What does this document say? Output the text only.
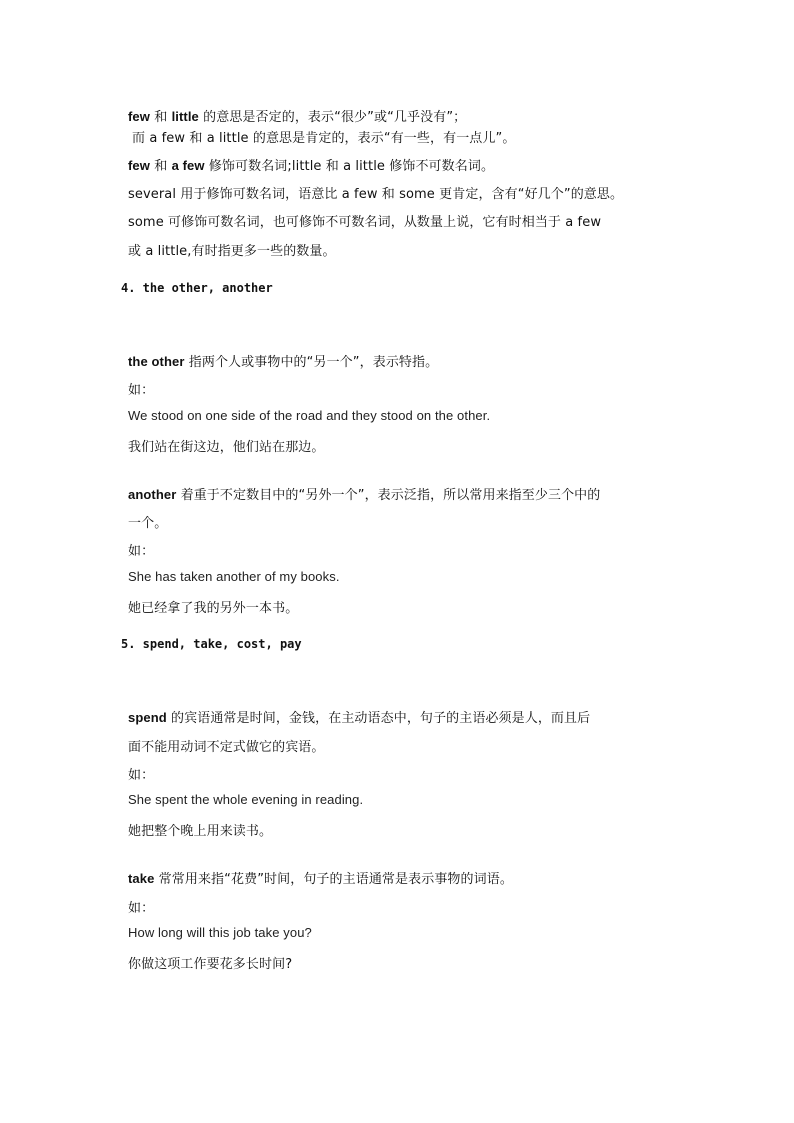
few 和 little 的意思是否定的，表示“很少”或“几乎没有”；
而 a few 和 a little 的意思是肯定的，表示“有一些，有一点儿”。
few 和 a few 修饰可数名词;little 和 a little 修饰不可数名词。
several 用于修饰可数名词，语意比 a few 和 some 更肯定，含有“好几个”的意思。
some 可修饰可数名词，也可修饰不可数名词，从数量上说，它有时相当于 a few
或 a little,有时指更多一些的数量。
4. the other, another
the other 指两个人或事物中的“另一个”，表示特指。
如：
We stood on one side of the road and they stood on the other.
我们站在街这边，他们站在那边。
another 着重于不定数目中的“另外一个”，表示泛指，所以常用来指至少三个中的
一个。
如：
She has taken another of my books.
她已经拿了我的另外一本书。
5. spend, take, cost, pay
spend 的宾语通常是时间，金钱，在主动语态中，句子的主语必须是人，而且后
面不能用动词不定式做它的宾语。
如：
She spent the whole evening in reading.
她把整个晚上用来读书。
take 常常用来指“花费”时间，句子的主语通常是表示事物的词语。
如：
How long will this job take you?
你做这项工作要花多长时间?
